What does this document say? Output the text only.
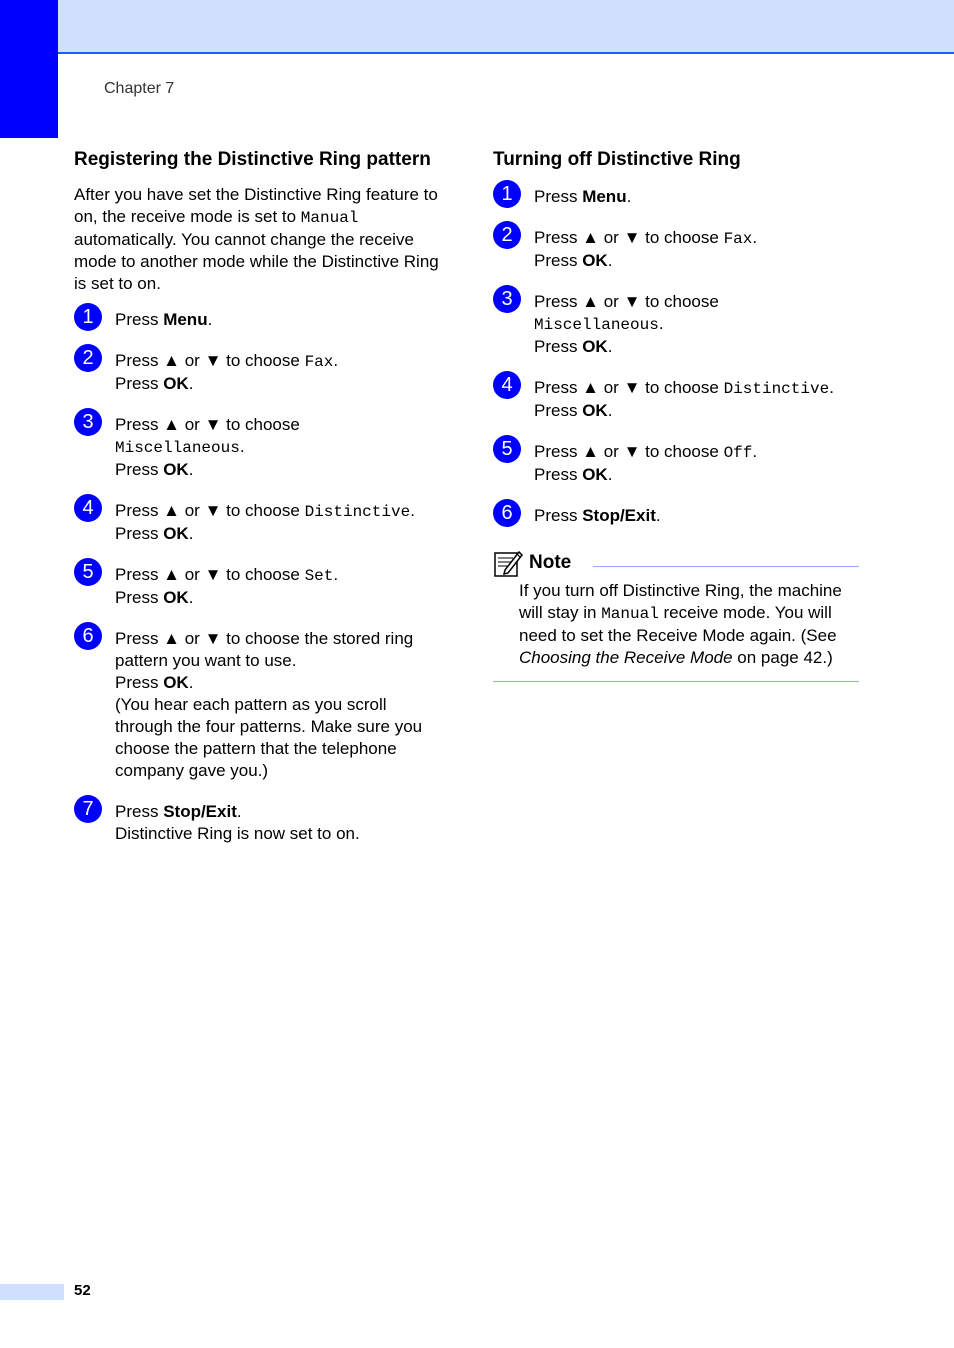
Chapter 7
Registering the Distinctive Ring pattern

After you have set the Distinctive Ring feature to on, the receive mode is set to Manual automatically. You cannot change the receive mode to another mode while the Distinctive Ring is set to on.

1	Press Menu.

2	Press ▲ or ▼ to choose Fax.

Press OK.

3	Press ▲ or ▼ to choose

Miscellaneous.

Press OK.

4	Press ▲ or ▼ to choose Distinctive.

Press OK.

5	Press ▲ or ▼ to choose Set.

Press OK.

6	Press ▲ or ▼ to choose the stored ring pattern you want to use.

Press OK.

(You hear each pattern as you scroll through the four patterns. Make sure you choose the pattern that the telephone company gave you.)

7	Press Stop/Exit.

Distinctive Ring is now set to on.

Turning off Distinctive Ring
1	Press Menu.

2	Press ▲ or ▼ to choose Fax.

Press OK.

3	Press ▲ or ▼ to choose

Miscellaneous.

Press OK.

4	Press ▲ or ▼ to choose Distinctive.

Press OK.

5	Press ▲ or ▼ to choose Off.

Press OK.

6	Press Stop/Exit.

Note

If you turn off Distinctive Ring, the machine will stay in Manual receive mode. You will need to set the Receive Mode again. (See Choosing the Receive Mode on page 42.)

52
